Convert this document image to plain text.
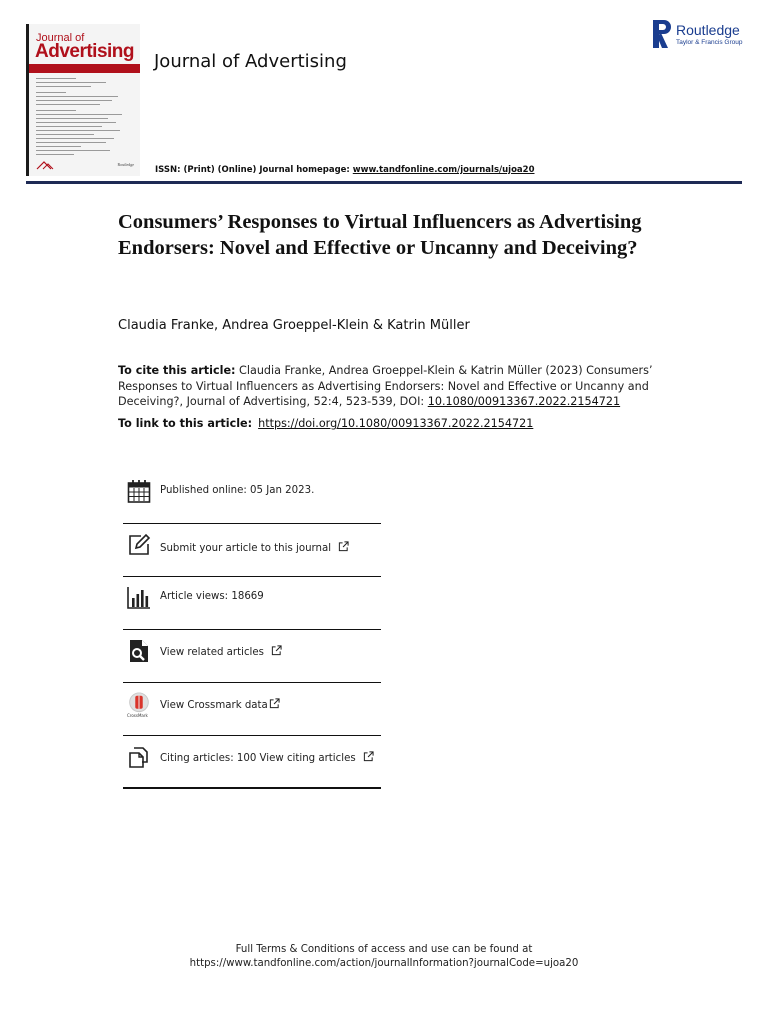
Journal of
Advertising
Routledge
Journal of Advertising
ISSN: (Print) (Online) Journal homepage: www.tandfonline.com/journals/ujoa20
Routledge
Taylor & Francis Group
Consumers’ Responses to Virtual Influencers as Advertising Endorsers: Novel and Effective or Uncanny and Deceiving?
Claudia Franke, Andrea Groeppel-Klein & Katrin Müller
To cite this article: Claudia Franke, Andrea Groeppel-Klein & Katrin Müller (2023) Consumers’ Responses to Virtual Influencers as Advertising Endorsers: Novel and Effective or Uncanny and Deceiving?, Journal of Advertising, 52:4, 523-539, DOI: 10.1080/00913367.2022.2154721
To link to this article: https://doi.org/10.1080/00913367.2022.2154721
Published online: 05 Jan 2023.
Submit your article to this journal
Article views: 18669
View related articles
CrossMark
View Crossmark data
Citing articles: 100 View citing articles
Full Terms & Conditions of access and use can be found at
https://www.tandfonline.com/action/journalInformation?journalCode=ujoa20
